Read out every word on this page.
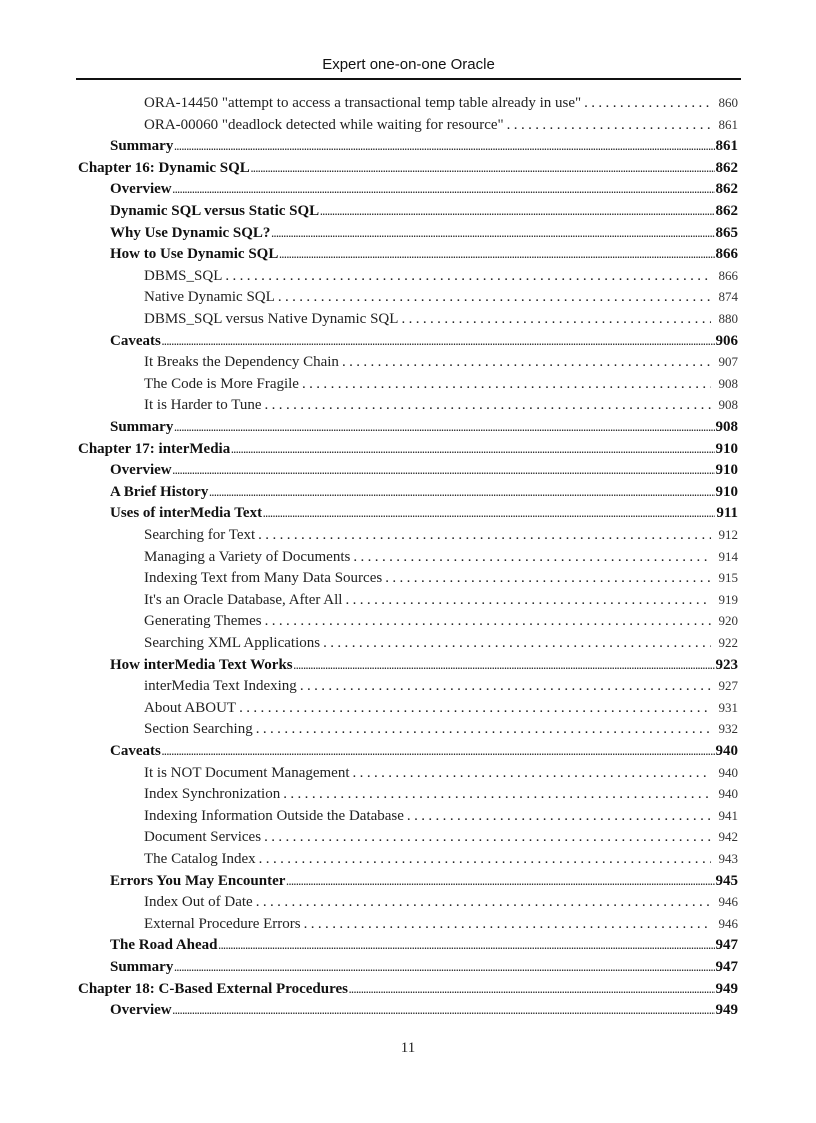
Expert one-on-one Oracle
ORA-14450 "attempt to access a transactional temp table already in use" .....	860
ORA-00060 "deadlock detected while waiting for resource" .....	861
Summary .....	861
Chapter 16: Dynamic SQL .....	862
Overview .....	862
Dynamic SQL versus Static SQL .....	862
Why Use Dynamic SQL? .....	865
How to Use Dynamic SQL .....	866
DBMS_SQL .....	866
Native Dynamic SQL .....	874
DBMS_SQL versus Native Dynamic SQL .....	880
Caveats .....	906
It Breaks the Dependency Chain .....	907
The Code is More Fragile .....	908
It is Harder to Tune .....	908
Summary .....	908
Chapter 17: interMedia .....	910
Overview .....	910
A Brief History .....	910
Uses of interMedia Text .....	911
Searching for Text .....	912
Managing a Variety of Documents .....	914
Indexing Text from Many Data Sources .....	915
It's an Oracle Database, After All .....	919
Generating Themes .....	920
Searching XML Applications .....	922
How interMedia Text Works .....	923
interMedia Text Indexing .....	927
About ABOUT .....	931
Section Searching .....	932
Caveats .....	940
It is NOT Document Management .....	940
Index Synchronization .....	940
Indexing Information Outside the Database .....	941
Document Services .....	942
The Catalog Index .....	943
Errors You May Encounter .....	945
Index Out of Date .....	946
External Procedure Errors .....	946
The Road Ahead .....	947
Summary .....	947
Chapter 18: C-Based External Procedures .....	949
Overview .....	949
11
